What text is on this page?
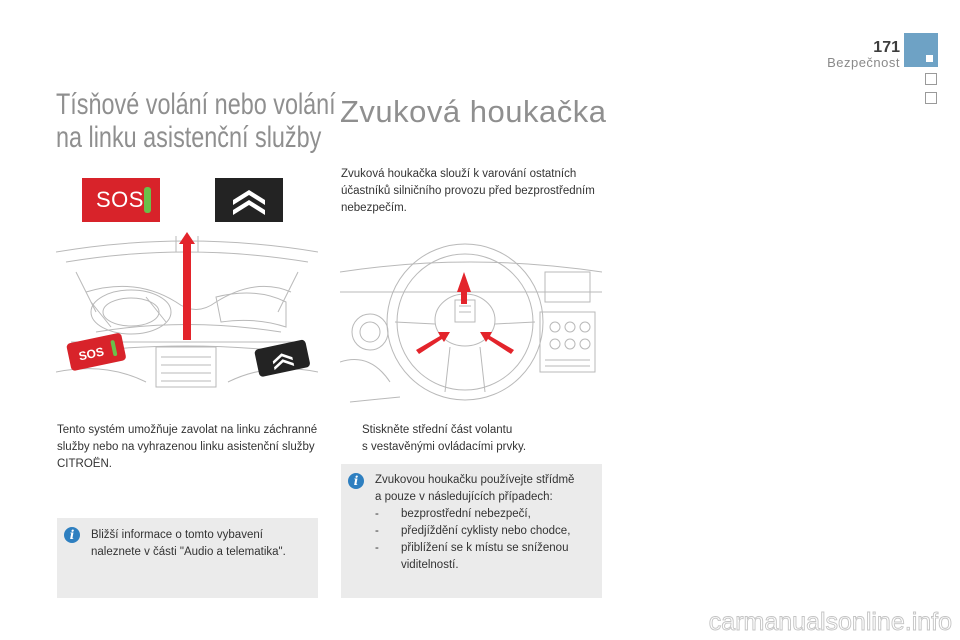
171
Bezpečnost
Tísňové volání nebo volání
na linku asistenční služby
SOS
SOS
Tento systém umožňuje zavolat na linku záchranné služby nebo na vyhrazenou linku asistenční služby CITROËN.
i	Bližší informace o tomto vybavení naleznete v části "Audio a telematika".
Zvuková houkačka
Zvuková houkačka slouží k varování ostatních účastníků silničního provozu před bezprostředním nebezpečím.
Stiskněte střední část volantu
s vestavěnými ovládacími prvky.
i	Zvukovou houkačku používejte střídmě
a pouze v následujících případech:
- bezprostřední nebezpečí,
- předjíždění cyklisty nebo chodce,
- přiblížení se k místu se sníženou
viditelností.
carmanualsonline.info
